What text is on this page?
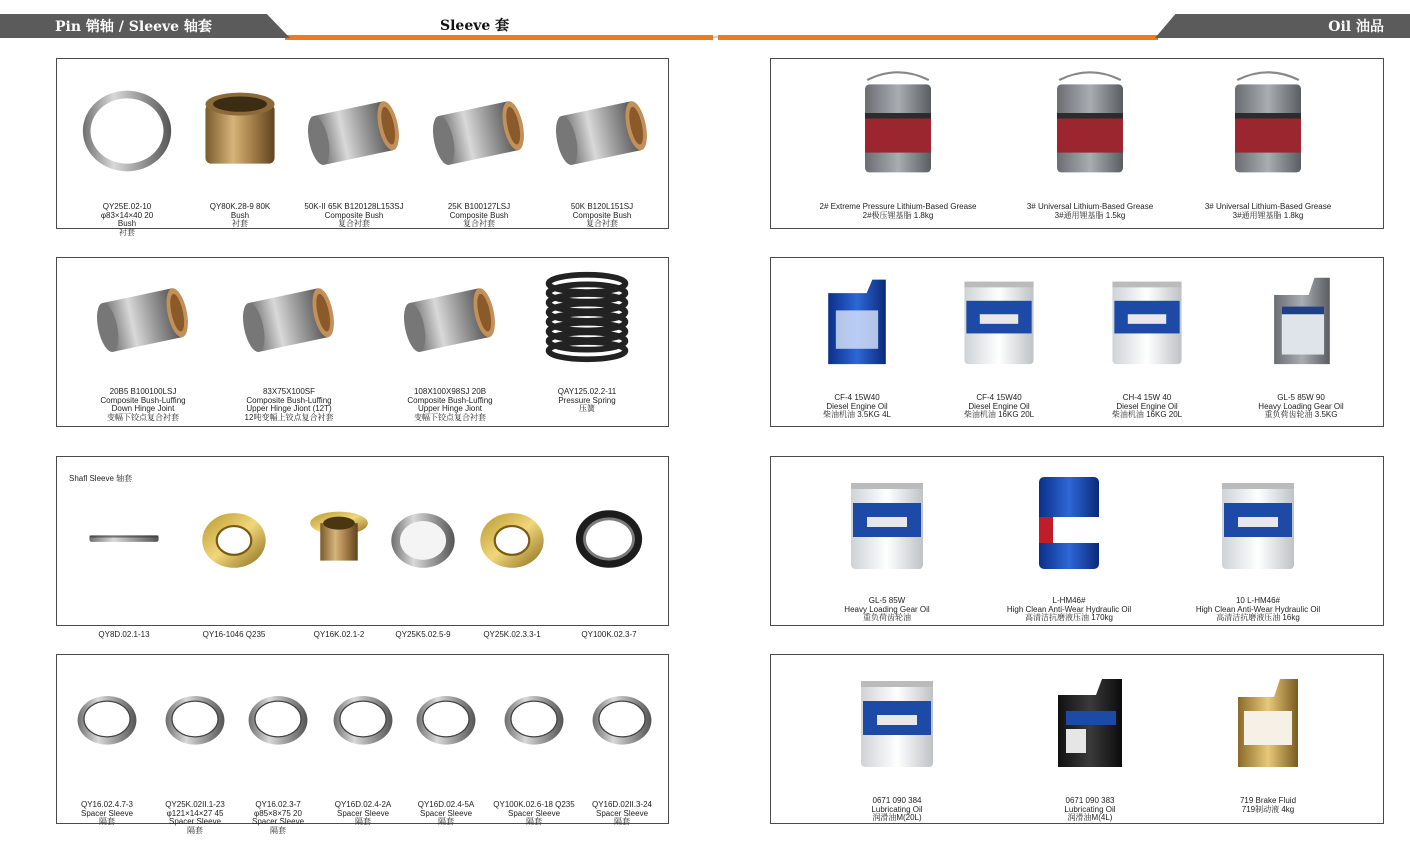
Pin 销轴 / Sleeve 轴套	Sleeve 套	Oil 油品
QY25E.02-10
φ83×14×40 20
Bush
衬套
QY80K.28-9 80K
Bush
衬套
50K-II 65K B120128L153SJ
Composite Bush
复合衬套
25K B100127LSJ
Composite Bush
复合衬套
50K B120L151SJ
Composite Bush
复合衬套
20B5 B100100LSJ
Composite Bush-Luffing
Down Hinge Joint
变幅下铰点复合衬套
83X75X100SF
Composite Bush-Luffing
Upper Hinge Jiont (12T)
12吨变幅上铰点复合衬套
108X100X98SJ 20B
Composite Bush-Luffing
Upper Hinge Jiont
变幅下铰点复合衬套
QAY125.02.2-11
Pressure Spring
压簧
Shafl Sleeve 轴套
QY8D.02.1-13	QY16-1046 Q235	QY16K.02.1-2	QY25K5.02.5-9	QY25K.02.3.3-1	QY100K.02.3-7
QY16.02.4.7-3
Spacer Sleeve
隔套
QY25K.02II.1-23
φ121×14×27 45
Spacer Sleeve
隔套
QY16.02.3-7
φ85×8×75 20
Spacer Sleeve
隔套
QY16D.02.4-2A
Spacer Sleeve
隔套
QY16D.02.4-5A
Spacer Sleeve
隔套
QY100K.02.6-18 Q235
Spacer Sleeve
隔套
QY16D.02II.3-24
Spacer Sleeve
隔套
2# Extreme Pressure Lithium-Based Grease
2#极压锂基脂 1.8kg
3# Universal Lithium-Based Grease
3#通用锂基脂 1.5kg
3# Universal Lithium-Based Grease
3#通用锂基脂 1.8kg
CF-4 15W40
Diesel Engine Oil
柴油机油 3.5KG 4L
CF-4 15W40
Diesel Engine Oil
柴油机油 16KG 20L
CH-4 15W 40
Diesel Engine Oil
柴油机油 16KG 20L
GL-5 85W 90
Heavy Loading Gear Oil
重负荷齿轮油 3.5KG
GL-5 85W
Heavy Loading Gear Oil
重负荷齿轮油
L-HM46#
High Clean Anti-Wear Hydraulic Oil
高清洁抗磨液压油 170kg
10 L-HM46#
High Clean Anti-Wear Hydraulic Oil
高清洁抗磨液压油 16kg
0671 090 384
Lubricating Oil
润滑油M(20L)
0671 090 383
Lubricating Oil
润滑油M(4L)
719 Brake Fluid
719制动液 4kg
